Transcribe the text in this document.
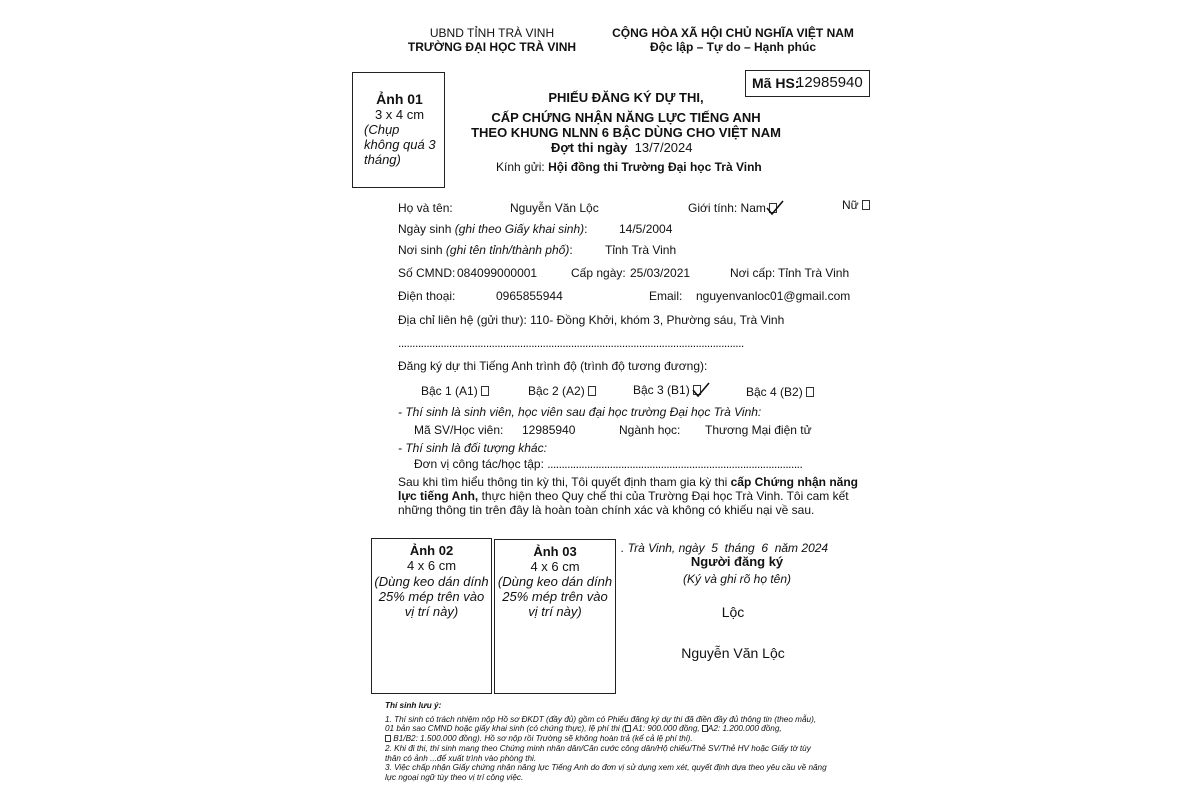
UBND TỈNH TRÀ VINH
TRƯỜNG ĐẠI HỌC TRÀ VINH
CỘNG HÒA XÃ HỘI CHỦ NGHĨA VIỆT NAM
Độc lập – Tự do – Hạnh phúc
Mã HS:
12985940
Ảnh 01
3 x 4 cm
(Chụp
không quá 3
tháng)
PHIẾU ĐĂNG KÝ DỰ THI,
CẤP CHỨNG NHẬN NĂNG LỰC TIẾNG ANH
THEO KHUNG NLNN 6 BẬC DÙNG CHO VIỆT NAM
Đợt thi ngày 13/7/2024
Kính gửi: Hội đồng thi Trường Đại học Trà Vinh
Họ và tên:	Nguyễn Văn Lộc	Giới tính: Nam	Nữ
Ngày sinh (ghi theo Giấy khai sinh):	14/5/2004
Nơi sinh (ghi tên tỉnh/thành phố):	Tỉnh Trà Vinh
Số CMND: 084099000001	Cấp ngày: 25/03/2021	Nơi cấp: Tỉnh Trà Vinh
Điện thoại:	0965855944	Email: nguyenvanloc01@gmail.com
Địa chỉ liên hệ (gửi thư): 110- Đồng Khởi, khóm 3, Phường sáu, Trà Vinh
..........................................................................................................................
Đăng ký dự thi Tiếng Anh trình độ (trình độ tương đương):
Bậc 1 (A1)	Bậc 2 (A2)	Bậc 3 (B1)	Bậc 4 (B2)
- Thí sinh là sinh viên, học viên sau đại học trường Đại học Trà Vinh:
Mã SV/Học viên: 12985940	Ngành học: Thương Mại điện tử
- Thí sinh là đối tượng khác:
Đơn vị công tác/học tập: ..........................................................................................
Sau khi tìm hiểu thông tin kỳ thi, Tôi quyết định tham gia kỳ thi cấp Chứng nhận năng
lực tiếng Anh, thực hiện theo Quy chế thi của Trường Đại học Trà Vinh. Tôi cam kết
những thông tin trên đây là hoàn toàn chính xác và không có khiếu nại về sau.
Ảnh 02
4 x 6 cm
(Dùng keo dán dính
25% mép trên vào
vị trí này)
Ảnh 03
4 x 6 cm
(Dùng keo dán dính
25% mép trên vào
vị trí này)
. Trà Vinh, ngày 5 tháng 6 năm 2024
Người đăng ký
(Ký và ghi rõ họ tên)
Lộc
Nguyễn Văn Lộc
Thí sinh lưu ý:
1. Thí sinh có trách nhiệm nộp Hồ sơ ĐKDT (đầy đủ) gồm có Phiếu đăng ký dự thi đã điền đầy đủ thông tin (theo mẫu),
01 bản sao CMND hoặc giấy khai sinh (có chứng thực), lệ phí thi ( A1: 900.000 đồng, A2: 1.200.000 đồng,
B1/B2: 1.500.000 đồng). Hồ sơ nộp rồi Trường sẽ không hoàn trả (kể cả lệ phí thi).
2. Khi đi thi, thí sinh mang theo Chứng minh nhân dân/Căn cước công dân/Hộ chiếu/Thẻ SV/Thẻ HV hoặc Giấy tờ tùy
thân có ảnh ...để xuất trình vào phòng thi.
3. Việc chấp nhận Giấy chứng nhận năng lực Tiếng Anh do đơn vị sử dụng xem xét, quyết định dựa theo yêu cầu về năng
lực ngoại ngữ tùy theo vị trí công việc.
